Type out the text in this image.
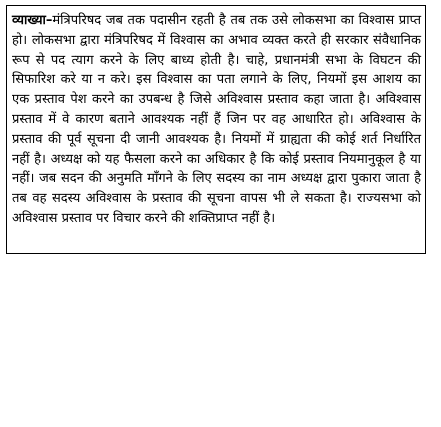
व्याख्या–मंत्रिपरिषद जब तक पदासीन रहती है तब तक उसे लोकसभा का विश्वास प्राप्त हो। लोकसभा द्वारा मंत्रिपरिषद में विश्वास का अभाव व्यक्त करते ही सरकार संवैधानिक रूप से पद त्याग करने के लिए बाध्य होती है। चाहे, प्रधानमंत्री सभा के विघटन की सिफारिश करे या न करे। इस विश्वास का पता लगाने के लिए, नियमों इस आशय का एक प्रस्ताव पेश करने का उपबन्ध है जिसे अविश्वास प्रस्ताव कहा जाता है। अविश्वास प्रस्ताव में वे कारण बताने आवश्यक नहीं हैं जिन पर वह आधारित हो। अविश्वास के प्रस्ताव की पूर्व सूचना दी जानी आवश्यक है। नियमों में ग्राह्यता की कोई शर्त निर्धारित नहीं है। अध्यक्ष को यह फैसला करने का अधिकार है कि कोई प्रस्ताव नियमानुकूल है या नहीं। जब सदन की अनुमति माँगने के लिए सदस्य का नाम अध्यक्ष द्वारा पुकारा जाता है तब वह सदस्य अविश्वास के प्रस्ताव की सूचना वापस भी ले सकता है। राज्यसभा को अविश्वास प्रस्ताव पर विचार करने की शक्तिप्राप्त नहीं है।
